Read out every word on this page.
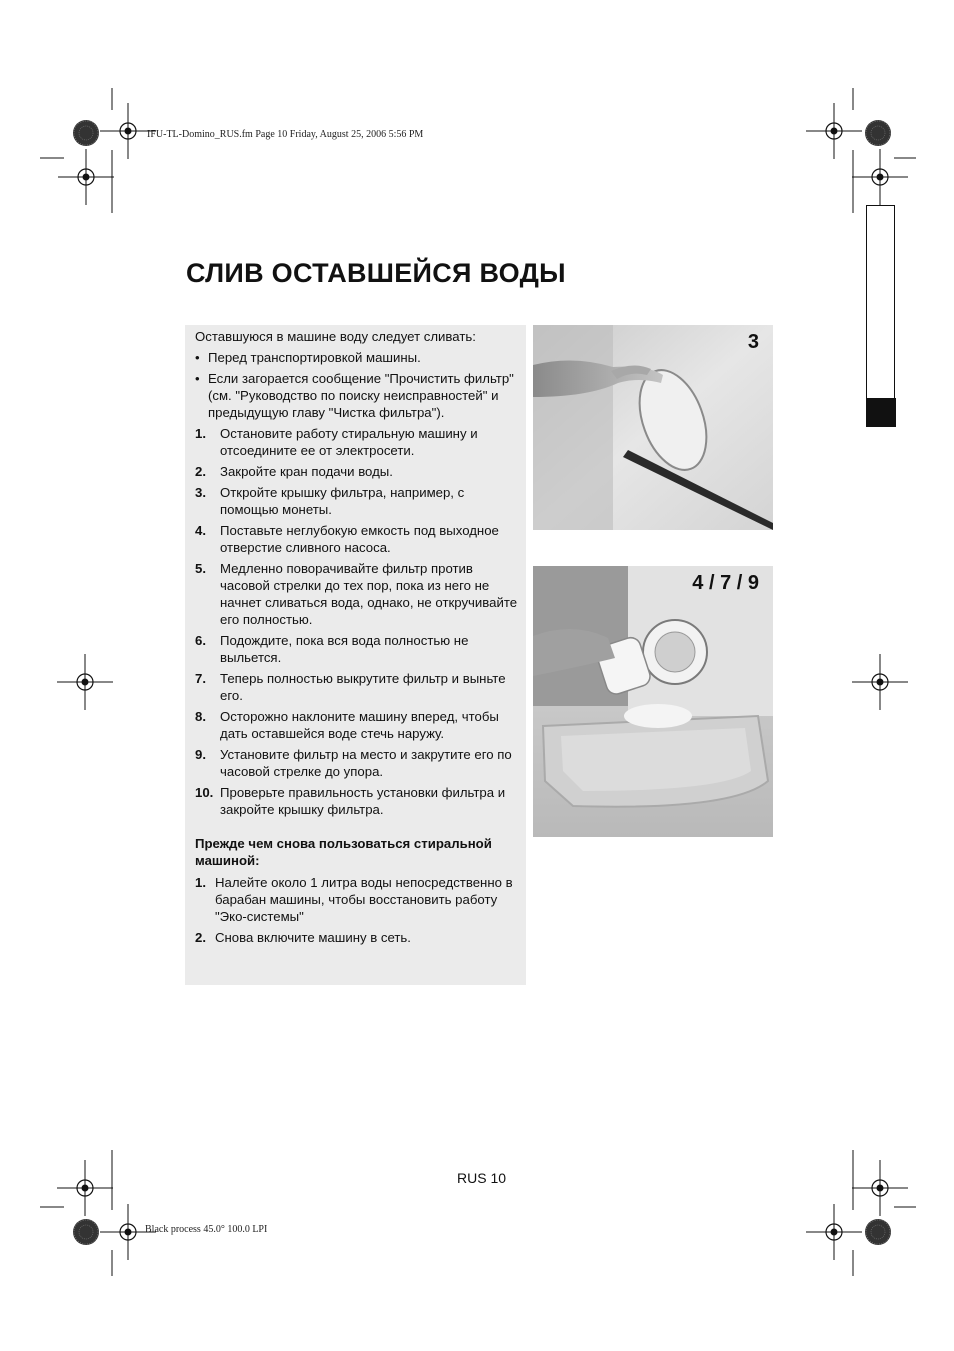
IFU-TL-Domino_RUS.fm Page 10 Friday, August 25, 2006 5:56 PM
Black process 45.0° 100.0 LPI
СЛИВ ОСТАВШЕЙСЯ ВОДЫ

Оставшуюся в машине воду следует сливать:

• Перед транспортировкой машины.
• Если загорается сообщение "Прочистить фильтр"
(см. "Руководство по поиску неисправностей" и предыдущую главу "Чистка фильтра").
1. Остановите работу стиральную машину и отсоедините ее от электросети.
2. Закройте кран подачи воды.
3. Откройте крышку фильтра, например, с помощью монеты.
4. Поставьте неглубокую емкость под выходное отверстие сливного насоса.
5. Медленно поворачивайте фильтр против часовой стрелки до тех пор, пока из него не начнет сливаться вода, однако, не откручивайте его полностью.
6. Подождите, пока вся вода полностью не выльется.
7. Теперь полностью выкрутите фильтр и выньте его.
8. Осторожно наклоните машину вперед, чтобы дать оставшейся воде стечь наружу.
9. Установите фильтр на место и закрутите его по часовой стрелке до упора.
10. Проверьте правильность установки фильтра и закройте крышку фильтра.

Прежде чем снова пользоваться стиральной машиной:

1. Налейте около 1 литра воды непосредственно в барабан машины, чтобы восстановить работу "Эко-системы"
2. Снова включите машину в сеть.
3
4 / 7 / 9
RUS 10
